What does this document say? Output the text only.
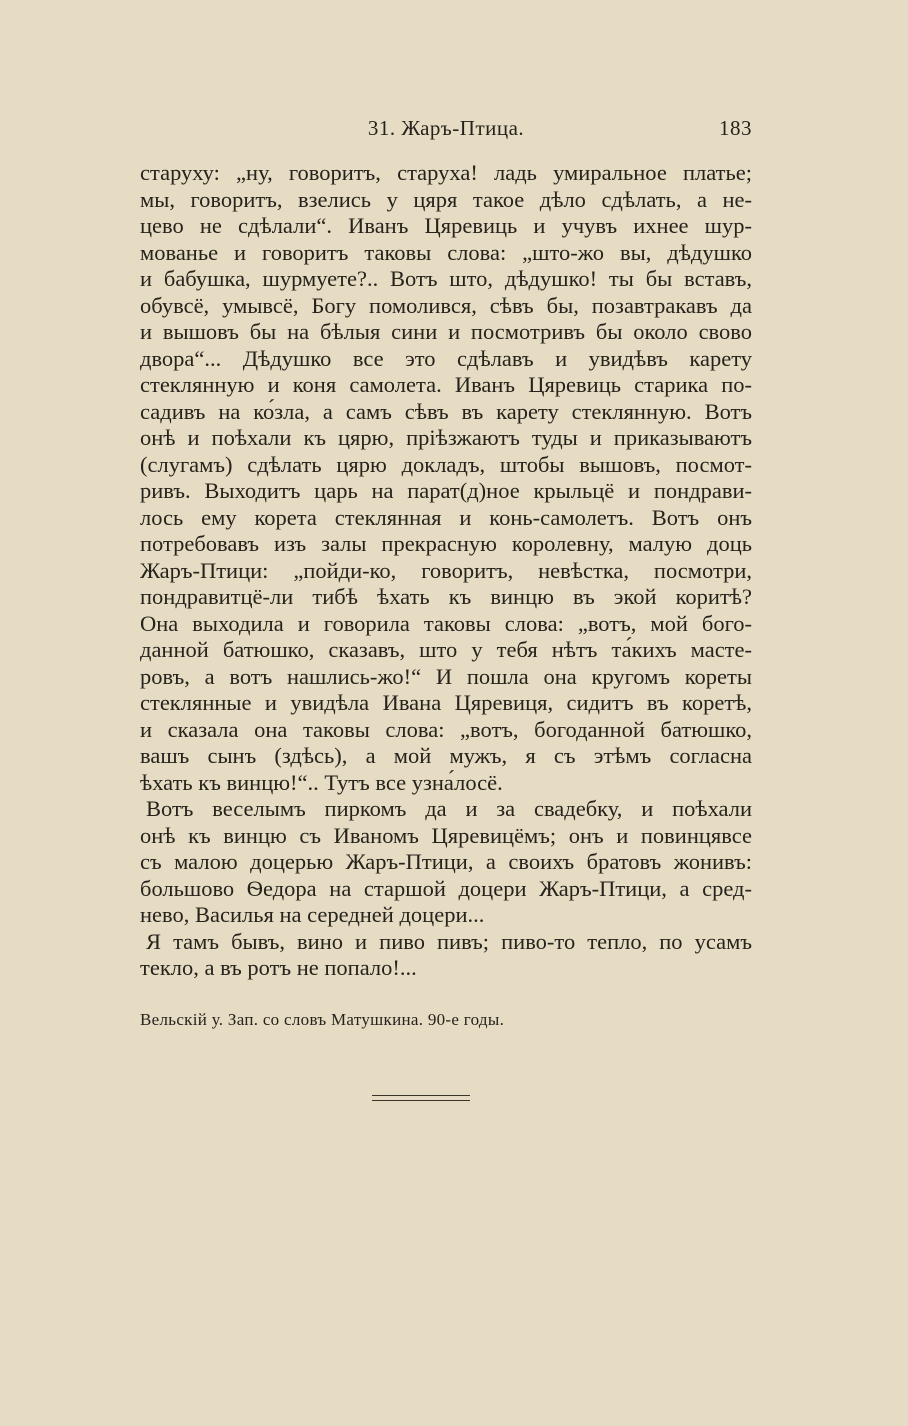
31. Жаръ-Птица.	183
старуху: „ну, говоритъ, старуха! ладь умиральное платье;
мы, говоритъ, взелись у цяря такое дѣло сдѣлать, а не-
цево не сдѣлали“. Иванъ Цяревиць и учувъ ихнее шур-
мованье и говоритъ таковы слова: „што-жо вы, дѣдушко
и бабушка, шурмуете?.. Вотъ што, дѣдушко! ты бы вставъ,
обувсё, умывсё, Богу помолився, сѣвъ бы, позавтракавъ да
и вышовъ бы на бѣлыя сини и посмотривъ бы около свово
двора“... Дѣдушко все это сдѣлавъ и увидѣвъ карету
стеклянную и коня самолета. Иванъ Цяревиць старика по-
садивъ на ко́зла, а самъ сѣвъ въ карету стеклянную. Вотъ
онѣ и поѣхали къ цярю, пріѣзжаютъ туды и приказываютъ
(слугамъ) сдѣлать цярю докладъ, штобы вышовъ, посмот-
ривъ. Выходитъ царь на парат(д)ное крыльцё и пондрави-
лось ему корета стеклянная и конь-самолетъ. Вотъ онъ
потребовавъ изъ залы прекрасную королевну, малую доць
Жаръ-Птици: „пойди-ко, говоритъ, невѣстка, посмотри,
пондравитцё-ли тибѣ ѣхать къ винцю въ экой коритѣ?
Она выходила и говорила таковы слова: „вотъ, мой бого-
данной батюшко, сказавъ, што у тебя нѣтъ та́кихъ масте-
ровъ, а вотъ нашлись-жо!“ И пошла она кругомъ кореты
стеклянные и увидѣла Ивана Цяревиця, сидитъ въ коретѣ,
и сказала она таковы слова: „вотъ, богоданной батюшко,
вашъ сынъ (здѣсь), а мой мужъ, я съ этѣмъ согласна
ѣхать къ винцю!“.. Тутъ все узна́лосё.
Вотъ веселымъ пиркомъ да и за свадебку, и поѣхали
онѣ къ винцю съ Иваномъ Цяревицёмъ; онъ и повинцявсе
съ малою доцерью Жаръ-Птици, а своихъ братовъ жонивъ:
большово Ѳедора на старшой доцери Жаръ-Птици, а сред-
нево, Василья на середней доцери...
Я тамъ бывъ, вино и пиво пивъ; пиво-то тепло, по усамъ
текло, а въ ротъ не попало!...
Вельскій у. Зап. со словъ Матушкина. 90-е годы.
